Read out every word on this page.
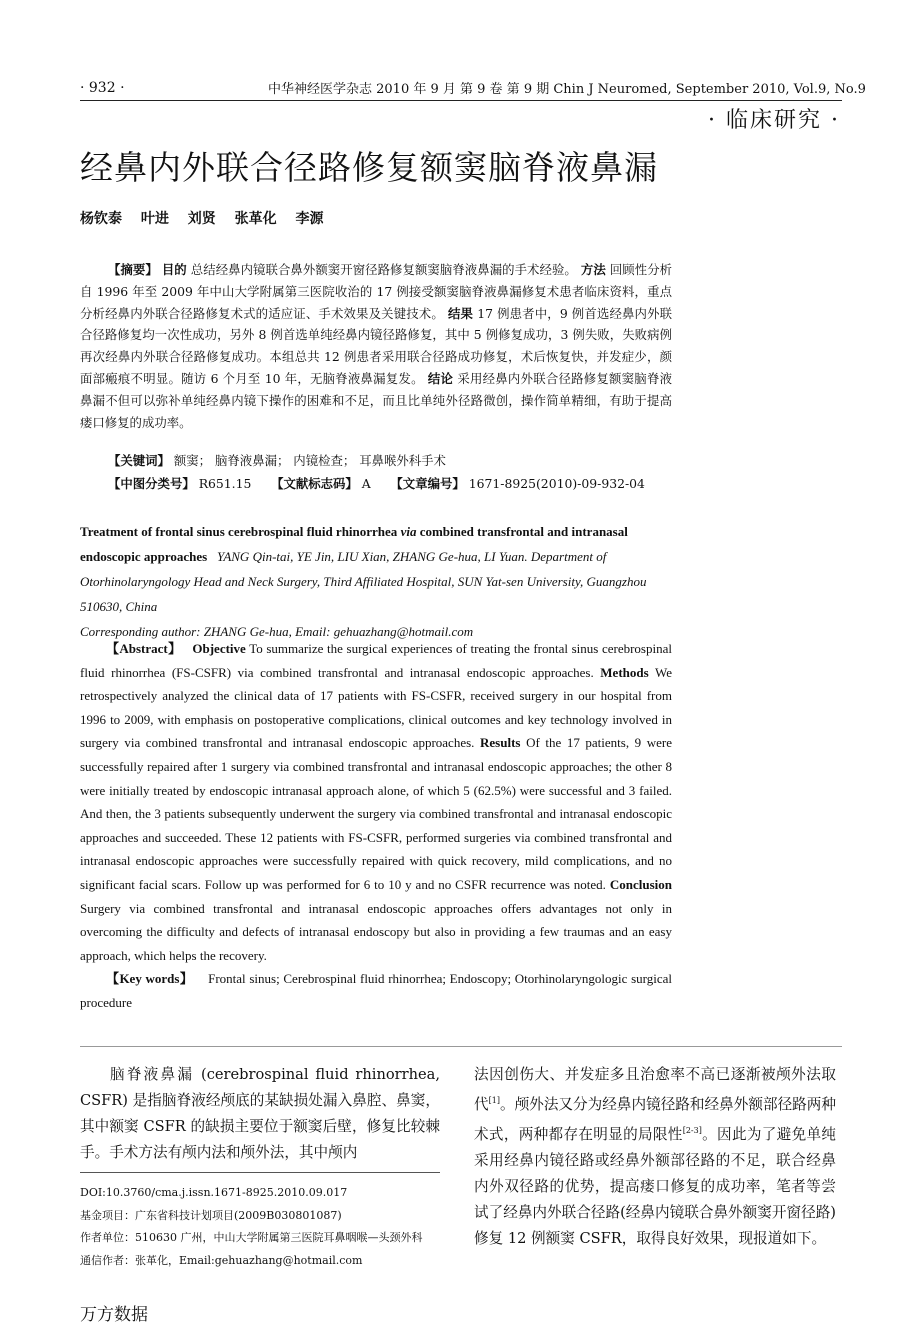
· 932 ·	中华神经医学杂志 2010 年 9 月 第 9 卷 第 9 期 Chin J Neuromed, September 2010, Vol.9, No.9
· 临床研究 ·
经鼻内外联合径路修复额窦脑脊液鼻漏
杨钦泰 叶进 刘贤 张革化 李源

【摘要】 目的 总结经鼻内镜联合鼻外额窦开窗径路修复额窦脑脊液鼻漏的手术经验。 方法 回顾性分析自 1996 年至 2009 年中山大学附属第三医院收治的 17 例接受额窦脑脊液鼻漏修复术患者临床资料，重点分析经鼻内外联合径路修复术式的适应证、手术效果及关键技术。 结果 17 例患者中，9 例首选经鼻内外联合径路修复均一次性成功，另外 8 例首选单纯经鼻内镜径路修复，其中 5 例修复成功，3 例失败，失败病例再次经鼻内外联合径路修复成功。本组总共 12 例患者采用联合径路成功修复，术后恢复快，并发症少，颜面部瘢痕不明显。随访 6 个月至 10 年，无脑脊液鼻漏复发。 结论 采用经鼻内外联合径路修复额窦脑脊液鼻漏不但可以弥补单纯经鼻内镜下操作的困难和不足，而且比单纯外径路微创，操作简单精细，有助于提高瘘口修复的成功率。

【关键词】 额窦； 脑脊液鼻漏； 内镜检查； 耳鼻喉外科手术

【中图分类号】 R651.15 【文献标志码】 A 【文章编号】 1671-8925(2010)-09-932-04

Treatment of frontal sinus cerebrospinal fluid rhinorrhea via combined transfrontal and intranasal endoscopic approaches YANG Qin-tai, YE Jin, LIU Xian, ZHANG Ge-hua, LI Yuan. Department of Otorhinolaryngology Head and Neck Surgery, Third Affiliated Hospital, SUN Yat-sen University, Guangzhou 510630, China
Corresponding author: ZHANG Ge-hua, Email: gehuazhang@hotmail.com

【Abstract】 Objective To summarize the surgical experiences of treating the frontal sinus cerebrospinal fluid rhinorrhea (FS-CSFR) via combined transfrontal and intranasal endoscopic approaches. Methods We retrospectively analyzed the clinical data of 17 patients with FS-CSFR, received surgery in our hospital from 1996 to 2009, with emphasis on postoperative complications, clinical outcomes and key technology involved in surgery via combined transfrontal and intranasal endoscopic approaches. Results Of the 17 patients, 9 were successfully repaired after 1 surgery via combined transfrontal and intranasal endoscopic approaches; the other 8 were initially treated by endoscopic intranasal approach alone, of which 5 (62.5%) were successful and 3 failed. And then, the 3 patients subsequently underwent the surgery via combined transfrontal and intranasal endoscopic approaches and succeeded. These 12 patients with FS-CSFR, performed surgeries via combined transfrontal and intranasal endoscopic approaches were successfully repaired with quick recovery, mild complications, and no significant facial scars. Follow up was performed for 6 to 10 y and no CSFR recurrence was noted. Conclusion Surgery via combined transfrontal and intranasal endoscopic approaches offers advantages not only in overcoming the difficulty and defects of intranasal endoscopy but also in providing a few traumas and an easy approach, which helps the recovery.

【Key words】 Frontal sinus; Cerebrospinal fluid rhinorrhea; Endoscopy; Otorhinolaryngologic surgical procedure

脑脊液鼻漏 (cerebrospinal fluid rhinorrhea, CSFR) 是指脑脊液经颅底的某缺损处漏入鼻腔、鼻窦，其中额窦 CSFR 的缺损主要位于额窦后壁，修复比较棘手。手术方法有颅内法和颅外法，其中颅内

DOI:10.3760/cma.j.issn.1671-8925.2010.09.017
基金项目：广东省科技计划项目(2009B030801087)
作者单位：510630 广州，中山大学附属第三医院耳鼻咽喉—头颈外科
通信作者：张革化，Email:gehuazhang@hotmail.com

法因创伤大、并发症多且治愈率不高已逐渐被颅外法取代[1]。颅外法又分为经鼻内镜径路和经鼻外额部径路两种术式，两种都存在明显的局限性[2-3]。因此为了避免单纯采用经鼻内镜径路或经鼻外额部径路的不足，联合经鼻内外双径路的优势，提高瘘口修复的成功率，笔者等尝试了经鼻内外联合径路(经鼻内镜联合鼻外额窦开窗径路)修复 12 例额窦 CSFR，取得良好效果，现报道如下。

万方数据
